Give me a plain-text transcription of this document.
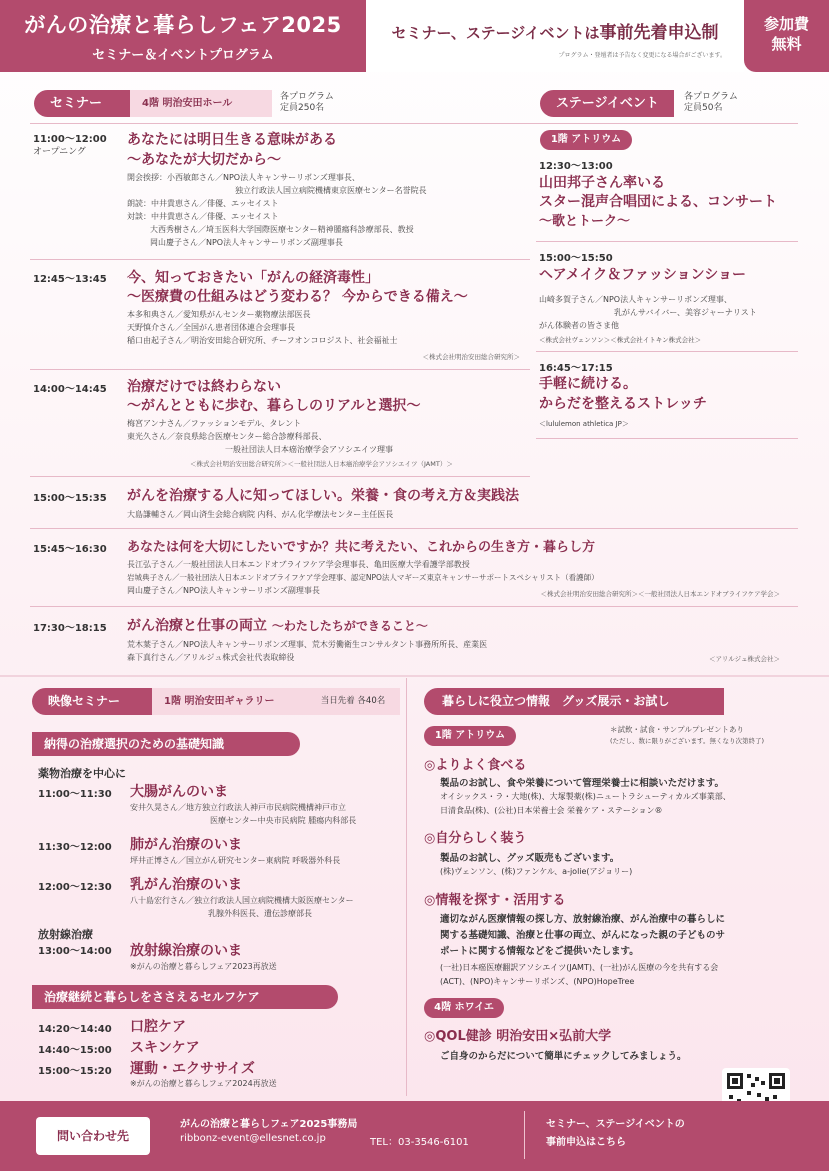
がんの治療と暮らしフェア2025
セミナー＆イベントプログラム
セミナー、ステージイベントは事前先着申込制
プログラム・登壇者は予告なく変更になる場合がございます。
参加費
無料
セミナー	4階 明治安田ホール
各プログラム
定員250名	ステージイベント	各プログラム
定員50名
11:00～12:00
オープニング
あなたには明日生きる意味がある
～あなたが大切だから～
開会挨拶：小西敏郎さん／NPO法人キャンサーリボンズ理事長、
独立行政法人国立病院機構東京医療センター名誉院長
朗読：中井貴恵さん／俳優、エッセイスト
対談：中井貴恵さん／俳優、エッセイスト
大西秀樹さん／埼玉医科大学国際医療センター精神腫瘍科診療部長、教授
岡山慶子さん／NPO法人キャンサーリボンズ副理事長
12:45～13:45 今、知っておきたい「がんの経済毒性」
～医療費の仕組みはどう変わる？ 今からできる備え～
本多和典さん／愛知県がんセンター薬物療法部医長
天野慎介さん／全国がん患者団体連合会理事長
稲口由起子さん／明治安田総合研究所、チーフオンコロジスト、社会福祉士
＜株式会社明治安田総合研究所＞
14:00～14:45 治療だけでは終わらない
～がんとともに歩む、暮らしのリアルと選択～
梅宮アンナさん／ファッションモデル、タレント
東光久さん／奈良県総合医療センター総合診療科部長、
一般社団法人日本癌治療学会アソシエイツ理事
＜株式会社明治安田総合研究所＞＜一般社団法人日本癌治療学会アソシエイツ（JAMT）＞
1階 アトリウム
12:30～13:00
山田邦子さん率いる
スター混声合唱団による、コンサート
～歌とトーク～
15:00～15:50
ヘアメイク＆ファッションショー
山崎多賀子さん／NPO法人キャンサーリボンズ理事、
乳がんサバイバー、美容ジャーナリスト
がん体験者の皆さま他
＜株式会社ヴェンソン＞＜株式会社イトキン株式会社＞
16:45～17:15
手軽に続ける。
からだを整えるストレッチ
＜lululemon athletica JP＞
15:00～15:35 がんを治療する人に知ってほしい。栄養・食の考え方＆実践法
大島謙輔さん／岡山済生会総合病院 内科、がん化学療法センター主任医長
15:45～16:30 あなたは何を大切にしたいですか？共に考えたい、これからの生き方・暮らし方
長江弘子さん／一般社団法人日本エンドオブライフケア学会理事長、亀田医療大学看護学部教授
岩城典子さん／一般社団法人日本エンドオブライフケア学会理事、認定NPO法人マギーズ東京キャンサーサポートスペシャリスト（看護師）
岡山慶子さん／NPO法人キャンサーリボンズ副理事長	＜株式会社明治安田総合研究所＞＜一般社団法人日本エンドオブライフケア学会＞
17:30～18:15 がん治療と仕事の両立 ～わたしたちができること～
荒木葉子さん／NPO法人キャンサーリボンズ理事、荒木労働衛生コンサルタント事務所所長、産業医
森下真行さん／アリルジュ株式会社代表取締役	＜アリルジュ株式会社＞
映像セミナー	1階 明治安田ギャラリー	当日先着 各40名
納得の治療選択のための基礎知識
薬物治療を中心に
11:00～11:30 大腸がんのいま
安井久晃さん／地方独立行政法人神戸市民病院機構神戸市立
医療センター中央市民病院 腫瘍内科部長
11:30～12:00 肺がん治療のいま
坪井正博さん／国立がん研究センター東病院 呼吸器外科長
12:00～12:30 乳がん治療のいま
八十島宏行さん／独立行政法人国立病院機構大阪医療センター
乳腺外科医長、遺伝診療部長
放射線治療
13:00～14:00 放射線治療のいま
※がんの治療と暮らしフェア2023再放送
治療継続と暮らしをささえるセルフケア
14:20～14:40 口腔ケア
14:40～15:00 スキンケア
15:00～15:20 運動・エクササイズ
※がんの治療と暮らしフェア2024再放送
暮らしに役立つ情報　グッズ展示・お試し
1階 アトリウム
＊試飲・試食・サンプルプレゼントあり
(ただし、数に限りがございます。無くなり次第終了)
◎よりよく食べる
製品のお試し、食や栄養について管理栄養士に相談いただけます。
オイシックス・ラ・大地(株)、大塚製薬(株)ニュートラシューティカルズ事業部、
日清食品(株)、(公社)日本栄養士会 栄養ケア・ステーション®
◎自分らしく装う
製品のお試し、グッズ販売もございます。
(株)ヴェンソン、(株)ファンケル、a-jolie(アジョリー)
◎情報を探す・活用する
適切ながん医療情報の探し方、放射線治療、がん治療中の暮らしに
関する基礎知識、治療と仕事の両立、がんになった親の子どものサ
ポートに関する情報などをご提供いたします。
(一社)日本癌医療翻訳アソシエイツ(JAMT)、(一社)がん医療の今を共有する会
(ACT)、(NPO)キャンサーリボンズ、(NPO)HopeTree
4階 ホワイエ
◎QOL健診 明治安田×弘前大学
ご自身のからだについて簡単にチェックしてみましょう。
問い合わせ先
がんの治療と暮らしフェア2025事務局
ribbonz-event@ellesnet.co.jp	TEL：03-3546-6101
セミナー、ステージイベントの
事前申込はこちら
